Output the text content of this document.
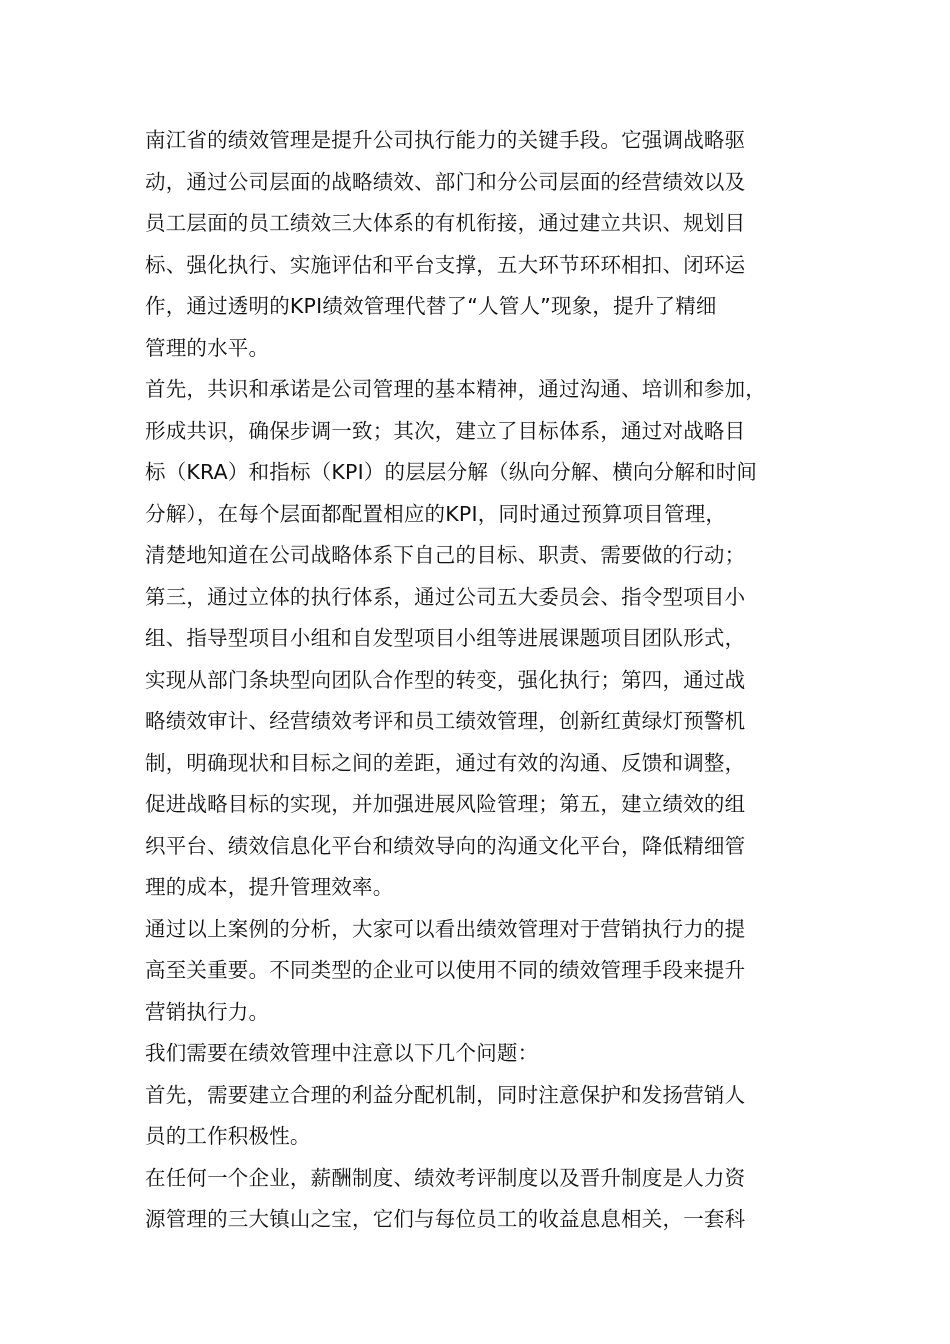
南江省的绩效管理是提升公司执行能力的关键手段。它强调战略驱
动，通过公司层面的战略绩效、部门和分公司层面的经营绩效以及
员工层面的员工绩效三大体系的有机衔接，通过建立共识、规划目
标、强化执行、实施评估和平台支撑，五大环节环环相扣、闭环运
作，通过透明的KPI绩效管理代替了“人管人”现象，提升了精细
管理的水平。
首先，共识和承诺是公司管理的基本精神，通过沟通、培训和参加，
形成共识，确保步调一致；其次，建立了目标体系，通过对战略目
标（KRA）和指标（KPI）的层层分解（纵向分解、横向分解和时间
分解），在每个层面都配置相应的KPI，同时通过预算项目管理，
清楚地知道在公司战略体系下自己的目标、职责、需要做的行动；
第三，通过立体的执行体系，通过公司五大委员会、指令型项目小
组、指导型项目小组和自发型项目小组等进展课题项目团队形式，
实现从部门条块型向团队合作型的转变，强化执行；第四，通过战
略绩效审计、经营绩效考评和员工绩效管理，创新红黄绿灯预警机
制，明确现状和目标之间的差距，通过有效的沟通、反馈和调整，
促进战略目标的实现，并加强进展风险管理；第五，建立绩效的组
织平台、绩效信息化平台和绩效导向的沟通文化平台，降低精细管
理的成本，提升管理效率。
通过以上案例的分析，大家可以看出绩效管理对于营销执行力的提
高至关重要。不同类型的企业可以使用不同的绩效管理手段来提升
营销执行力。
我们需要在绩效管理中注意以下几个问题：
首先，需要建立合理的利益分配机制，同时注意保护和发扬营销人
员的工作积极性。
在任何一个企业，薪酬制度、绩效考评制度以及晋升制度是人力资
源管理的三大镇山之宝，它们与每位员工的收益息息相关，一套科
